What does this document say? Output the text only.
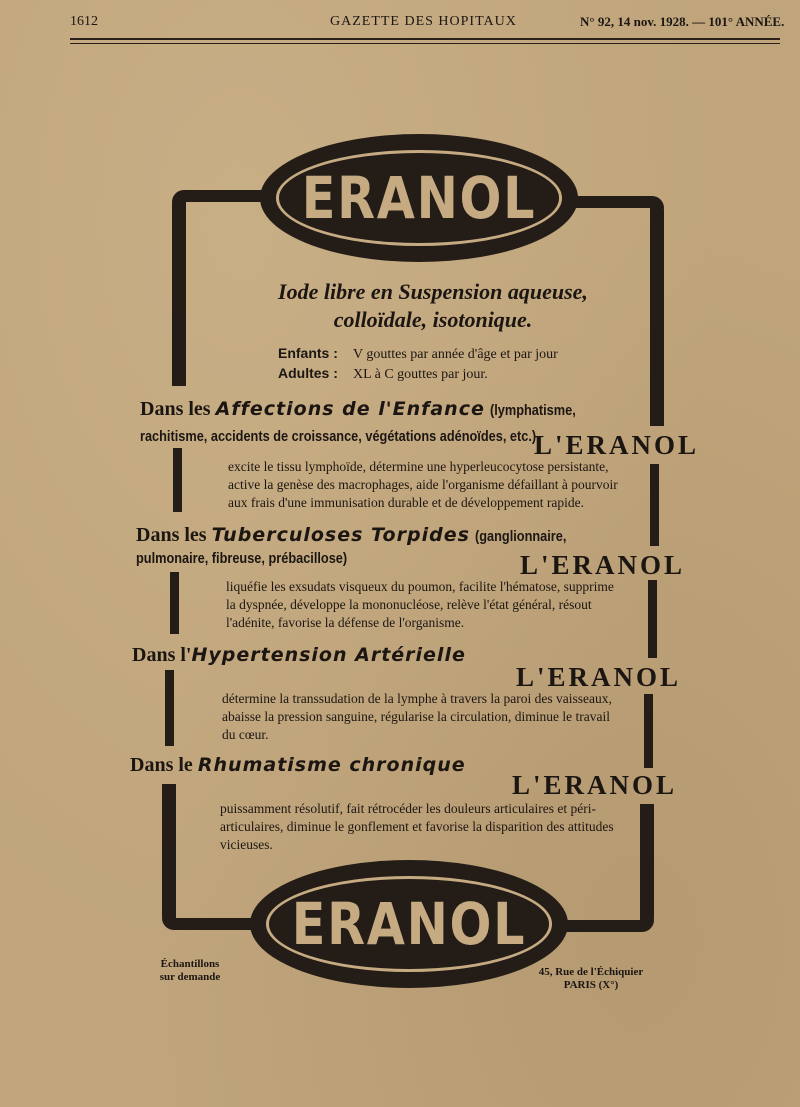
1612	GAZETTE DES HOPITAUX	N° 92, 14 nov. 1928. — 101° ANNÉE.
ERANOL
Iode libre en Suspension aqueuse,
colloïdale, isotonique.
Enfants : V gouttes par année d'âge et par jour
Adultes : XL à C gouttes par jour.
Dans les Affections de l'Enfance (lymphatisme,
rachitisme, accidents de croissance, végétations adénoïdes, etc.)
L'ERANOL
excite le tissu lymphoïde, détermine une hyperleucocytose persistante,
active la genèse des macrophages, aide l'organisme défaillant à pourvoir
aux frais d'une immunisation durable et de développement rapide.
Dans les Tuberculoses Torpides (ganglionnaire,
pulmonaire, fibreuse, prébacillose)	L'ERANOL
liquéfie les exsudats visqueux du poumon, facilite l'hématose, supprime
la dyspnée, développe la mononucléose, relève l'état général, résout
l'adénite, favorise la défense de l'organisme.
Dans l'Hypertension Artérielle
L'ERANOL
détermine la transsudation de la lymphe à travers la paroi des vaisseaux,
abaisse la pression sanguine, régularise la circulation, diminue le travail
du cœur.
Dans le Rhumatisme chronique
L'ERANOL
puissamment résolutif, fait rétrocéder les douleurs articulaires et péri-
articulaires, diminue le gonflement et favorise la disparition des attitudes
vicieuses.
ERANOL
Échantillons
sur demande	45, Rue de l'Échiquier
PARIS (X°)
